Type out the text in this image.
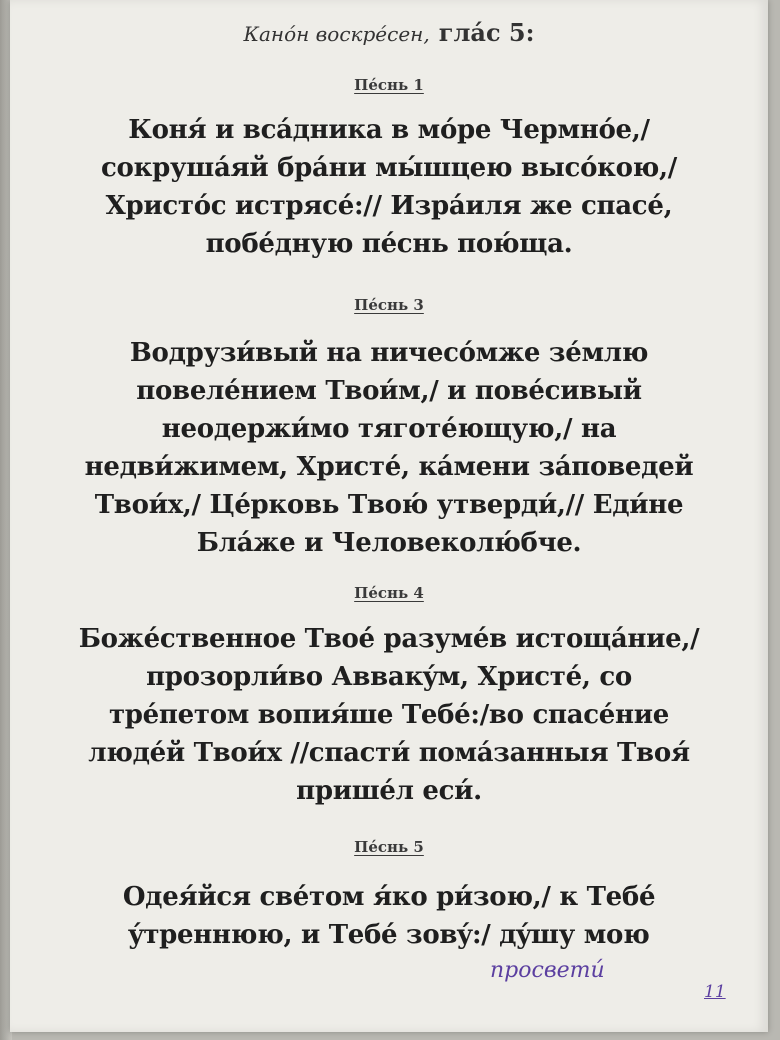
Канóн воскрéсен, глáс 5:
Пéснь 1
Коня́ и вса́дника в мóре Чермнóе,/
сокруша́яй бра́ни мы́шцею высóкою,/
Христóс истрясé:// Изра́иля же спасé,
побéдную пéснь пою́ща.
Пéснь 3
Водрузи́вый на ничесóмже зéмлю
повелéнием Твои́м,/ и повéсивый
неодержи́мо тяготéющую,/ на
недви́жимем, Христé, ка́мени за́поведей
Твои́х,/ Цéрковь Твою́ утверди́,// Еди́не
Бла́же и Человеколю́бче.
Пéснь 4
Божéственное Твоé разумéв истоща́ние,/
прозорли́во Аввакýм, Христé, со
трéпетом вопия́ше Тебé:/во спасéние
людéй Твои́х //спасти́ пома́занныя Твоя́
пришéл еси́.
Пéснь 5
Одея́йся свéтом я́ко ри́зою,/ к Тебé
ýтреннюю, и Тебé зовý:/ дýшу мою
просвети́
11
